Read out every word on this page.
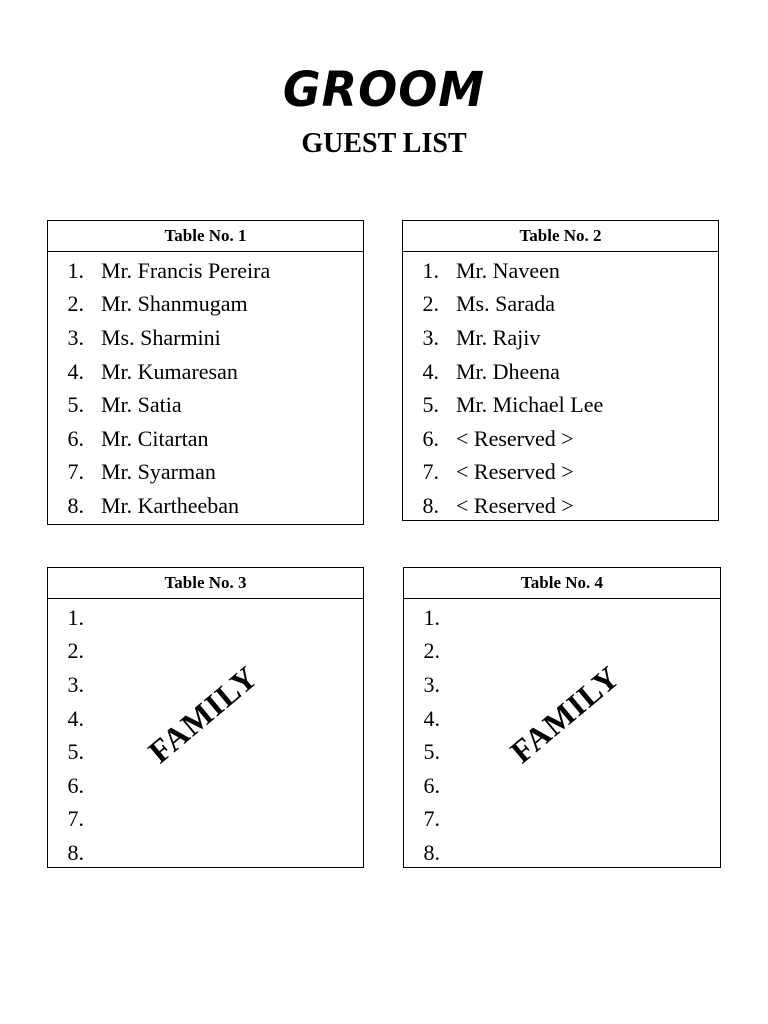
GROOM
GUEST LIST
Table No. 1
1. Mr. Francis Pereira
2. Mr. Shanmugam
3. Ms. Sharmini
4. Mr. Kumaresan
5. Mr. Satia
6. Mr. Citartan
7. Mr. Syarman
8. Mr. Kartheeban
Table No. 2
1. Mr. Naveen
2. Ms. Sarada
3. Mr. Rajiv
4. Mr. Dheena
5. Mr. Michael Lee
6. < Reserved >
7. < Reserved >
8. < Reserved >
Table No. 3
1.
2.
3.
4.
5.
6.
7.
8.
FAMILY
Table No. 4
1.
2.
3.
4.
5.
6.
7.
8.
FAMILY
